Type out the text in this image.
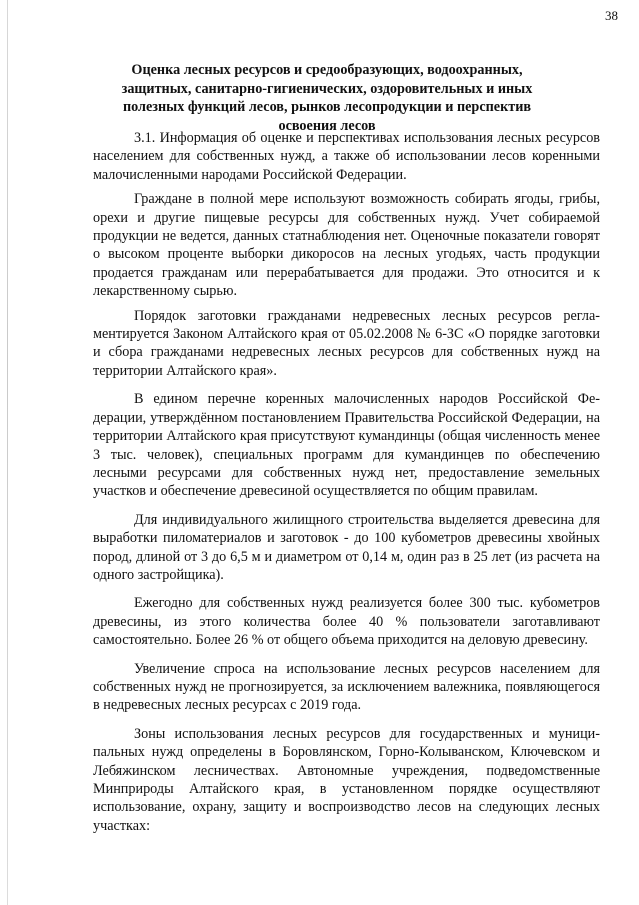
38
Оценка лесных ресурсов и средообразующих, водоохранных, защитных, санитарно-гигиенических, оздоровительных и иных полезных функций лесов, рынков лесопродукции и перспектив освоения лесов

3.1. Информация об оценке и перспективах использования лесных ресурсов населением для собственных нужд, а также об использовании лесов коренными малочисленными народами Российской Федерации.

Граждане в полной мере используют возможность собирать ягоды, грибы, орехи и другие пищевые ресурсы для собственных нужд. Учет собираемой продукции не ведется, данных статнаблюдения нет. Оценочные показатели говорят о высоком проценте выборки дикоросов на лесных угодьях, часть продукции продается гражданам или перерабатывается для продажи. Это относится и к лекарственному сырью.

Порядок заготовки гражданами недревесных лесных ресурсов регламентируется Законом Алтайского края от 05.02.2008 № 6-ЗС «О порядке заготовки и сбора гражданами недревесных лесных ресурсов для собственных нужд на территории Алтайского края».

В едином перечне коренных малочисленных народов Российской Федерации, утверждённом постановлением Правительства Российской Федерации, на территории Алтайского края присутствуют кумандинцы (общая численность менее 3 тыс. человек), специальных программ для кумандинцев по обеспечению лесными ресурсами для собственных нужд нет, предоставление земельных участков и обеспечение древесиной осуществляется по общим правилам.

Для индивидуального жилищного строительства выделяется древесина для выработки пиломатериалов и заготовок - до 100 кубометров древесины хвойных пород, длиной от 3 до 6,5 м и диаметром от 0,14 м, один раз в 25 лет (из расчета на одного застройщика).

Ежегодно для собственных нужд реализуется более 300 тыс. кубометров древесины, из этого количества более 40 % пользователи заготавливают самостоятельно. Более 26 % от общего объема приходится на деловую древесину.

Увеличение спроса на использование лесных ресурсов населением для собственных нужд не прогнозируется, за исключением валежника, появляющегося в недревесных лесных ресурсах с 2019 года.

Зоны использования лесных ресурсов для государственных и муниципальных нужд определены в Боровлянском, Горно-Колыванском, Ключевском и Лебяжинском лесничествах. Автономные учреждения, подведомственные Минприроды Алтайского края, в установленном порядке осуществляют использование, охрану, защиту и воспроизводство лесов на следующих лесных участках:
